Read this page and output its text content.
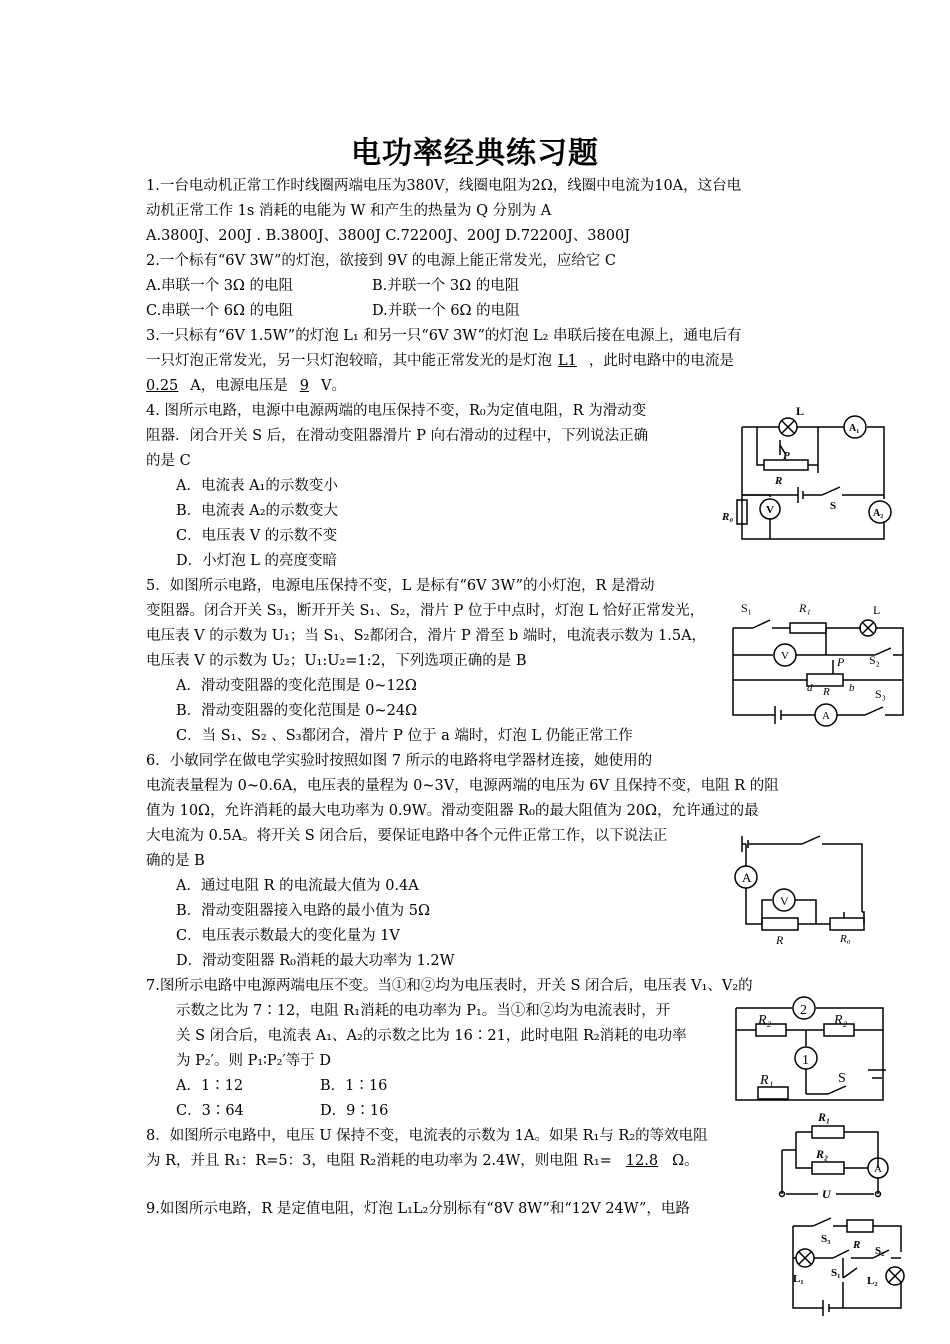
电功率经典练习题
1.一台电动机正常工作时线圈两端电压为380V，线圈电阻为2Ω，线圈中电流为10A，这台电
动机正常工作 1s 消耗的电能为 W 和产生的热量为 Q 分别为 A
A.3800J、200J . B.3800J、3800J C.72200J、200J D.72200J、3800J
2.一个标有“6V 3W”的灯泡，欲接到 9V 的电源上能正常发光，应给它 C
A.串联一个 3Ω 的电阻	B.并联一个 3Ω 的电阻
C.串联一个 6Ω 的电阻	D.并联一个 6Ω 的电阻
3.一只标有“6V 1.5W”的灯泡 L₁ 和另一只“6V 3W”的灯泡 L₂ 串联后接在电源上，通电后有
一只灯泡正常发光，另一只灯泡较暗，其中能正常发光的是灯泡 L1 ，此时电路中的电流是
0.25 A，电源电压是 9 V。
4. 图所示电路，电源中电源两端的电压保持不变，R₀为定值电阻，R 为滑动变
阻器．闭合开关 S 后，在滑动变阻器滑片 P 向右滑动的过程中，下列说法正确
的是 C
A．电流表 A₁的示数变小
B．电流表 A₂的示数变大
C．电压表 V 的示数不变
D．小灯泡 L 的亮度变暗
5．如图所示电路，电源电压保持不变，L 是标有“6V 3W”的小灯泡，R 是滑动
变阻器。闭合开关 S₃，断开开关 S₁、S₂，滑片 P 位于中点时，灯泡 L 恰好正常发光，
电压表 V 的示数为 U₁；当 S₁、S₂都闭合，滑片 P 滑至 b 端时，电流表示数为 1.5A，
电压表 V 的示数为 U₂；U₁:U₂=1:2，下列选项正确的是 B
A．滑动变阻器的变化范围是 0~12Ω
B．滑动变阻器的变化范围是 0~24Ω
C．当 S₁、S₂ 、S₃都闭合，滑片 P 位于 a 端时，灯泡 L 仍能正常工作
6．小敏同学在做电学实验时按照如图 7 所示的电路将电学器材连接，她使用的
电流表量程为 0~0.6A，电压表的量程为 0~3V，电源两端的电压为 6V 且保持不变，电阻 R 的阻
值为 10Ω，允许消耗的最大电功率为 0.9W。滑动变阻器 R₀的最大阻值为 20Ω，允许通过的最
大电流为 0.5A。将开关 S 闭合后，要保证电路中各个元件正常工作，以下说法正
确的是 B
A．通过电阻 R 的电流最大值为 0.4A
B．滑动变阻器接入电路的最小值为 5Ω
C．电压表示数最大的变化量为 1V
D．滑动变阻器 R₀消耗的最大功率为 1.2W
7.图所示电路中电源两端电压不变。当①和②均为电压表时，开关 S 闭合后，电压表 V₁、V₂的
示数之比为 7∶12，电阻 R₁消耗的电功率为 P₁。当①和②均为电流表时，开
关 S 闭合后，电流表 A₁、A₂的示数之比为 16∶21，此时电阻 R₂消耗的电功率
为 P₂′。则 P₁∶P₂′等于 D
A．1∶12	B．1∶16
C．3∶64	D．9∶16
8．如图所示电路中，电压 U 保持不变，电流表的示数为 1A。如果 R₁与 R₂的等效电阻
为 R，并且 R₁：R=5：3，电阻 R₂消耗的电功率为 2.4W，则电阻 R₁= 12.8 Ω。
9.如图所示电路，R 是定值电阻，灯泡 L₁L₂分别标有“8V 8W”和“12V 24W”，电路
L
A₁
P
R
S
R₀
V	A₂
S₁	R₁	L
V	S₂
P
d R b S₃
A
A
V
R	R₀
2
1
R₂	R₂
R₁	S
R₁
R₂
A
U
S₃ R S₂
L₁ S₁
L₂
